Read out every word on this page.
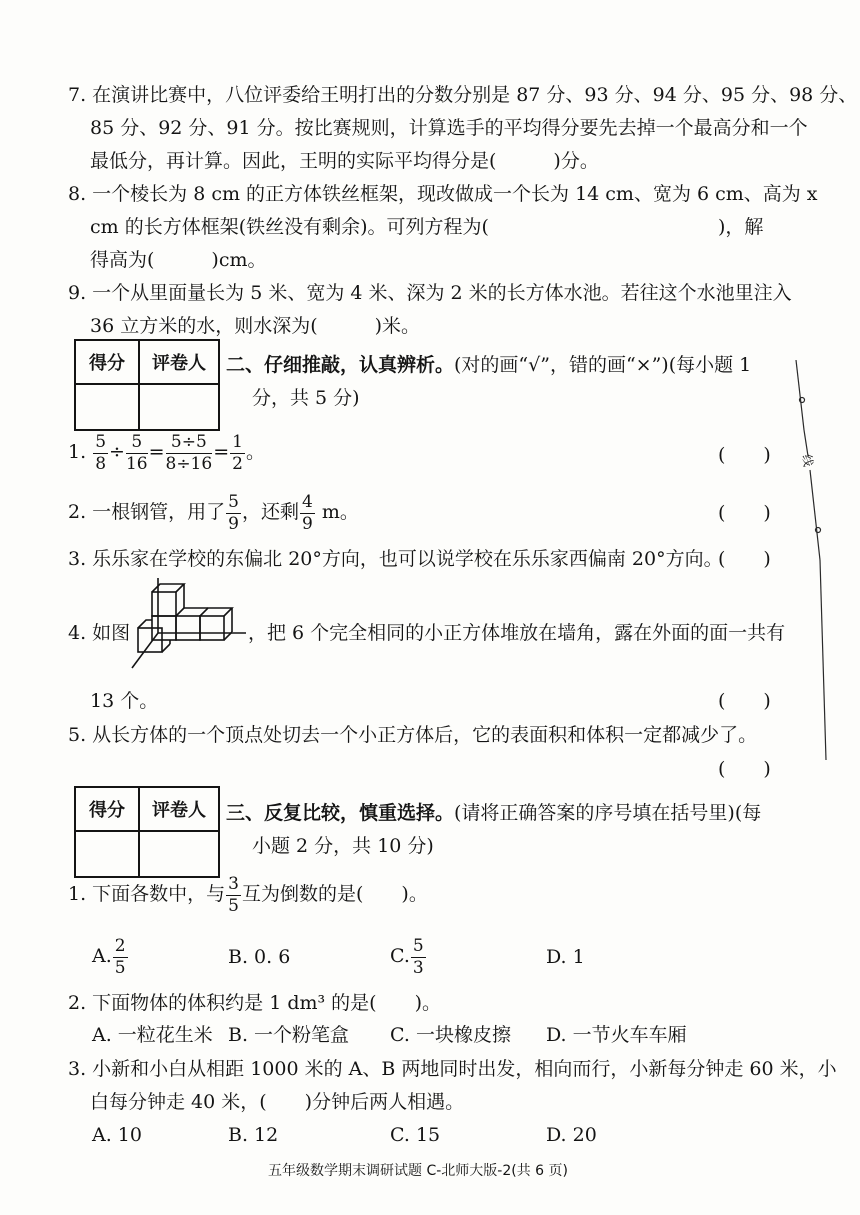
7. 在演讲比赛中，八位评委给王明打出的分数分别是 87 分、93 分、94 分、95 分、98 分、
85 分、92 分、91 分。按比赛规则，计算选手的平均得分要先去掉一个最高分和一个
最低分，再计算。因此，王明的实际平均得分是(　　　)分。
8. 一个棱长为 8 cm 的正方体铁丝框架，现改做成一个长为 14 cm、宽为 6 cm、高为 x
cm 的长方体框架(铁丝没有剩余)。可列方程为(	)，解
得高为(　　　)cm。
9. 一个从里面量长为 5 米、宽为 4 米、深为 2 米的长方体水池。若往这个水池里注入
36 立方米的水，则水深为(　　　)米。
得分	评卷人
	二、仔细推敲，认真辨析。(对的画“√”，错的画“×”)(每小题 1
分，共 5 分)
1. $\frac{5}{8} \div \frac{5}{16} = \frac{5\div 5}{8\div 16} = \frac{1}{2}$ 。	(　　)
2. 一根钢管，用了 $\frac{5}{9}$ ，还剩 $\frac{4}{9}$ m。	(　　)
3. 乐乐家在学校的东偏北 20°方向，也可以说学校在乐乐家西偏南 20°方向。
(　　)
4. 如图	，把 6 个完全相同的小正方体堆放在墙角，露在外面的面一共有
13 个。	(　　)
5. 从长方体的一个顶点处切去一个小正方体后，它的表面积和体积一定都减少了。
(　　)
得分	评卷人
	三、反复比较，慎重选择。(请将正确答案的序号填在括号里)(每
小题 2 分，共 10 分)
1. 下面各数中，与 $\frac{3}{5}$ 互为倒数的是(　　)。
A. $\frac{2}{5}$	B. 0. 6	C. $\frac{5}{3}$	D. 1
2. 下面物体的体积约是 1 dm³ 的是(　　)。
A. 一粒花生米 B. 一个粉笔盒 C. 一块橡皮擦 D. 一节火车车厢
3. 小新和小白从相距 1000 米的 A、B 两地同时出发，相向而行，小新每分钟走 60 米，小
白每分钟走 40 米，(　　)分钟后两人相遇。
A. 10	B. 12	C. 15	D. 20
五年级数学期末调研试题 C-北师大版-2(共 6 页)
线
